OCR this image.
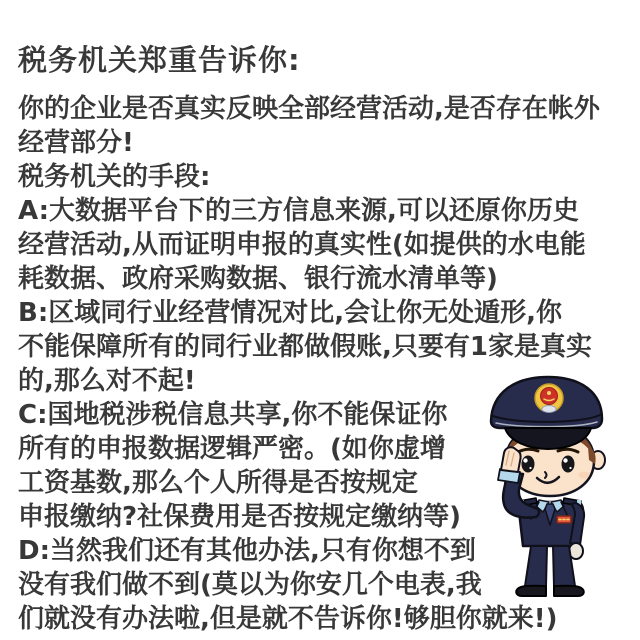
税务机关郑重告诉你:
你的企业是否真实反映全部经营活动,是否存在帐外
经营部分!
税务机关的手段:
A:大数据平台下的三方信息来源,可以还原你历史
经营活动,从而证明申报的真实性(如提供的水电能
耗数据、政府采购数据、银行流水清单等)
B:区域同行业经营情况对比,会让你无处遁形,你
不能保障所有的同行业都做假账,只要有1家是真实
的,那么对不起!
C:国地税涉税信息共享,你不能保证你
所有的申报数据逻辑严密。(如你虚增
工资基数,那么个人所得是否按规定
申报缴纳?社保费用是否按规定缴纳等)
D:当然我们还有其他办法,只有你想不到
没有我们做不到(莫以为你安几个电表,我
们就没有办法啦,但是就不告诉你!够胆你就来!)
